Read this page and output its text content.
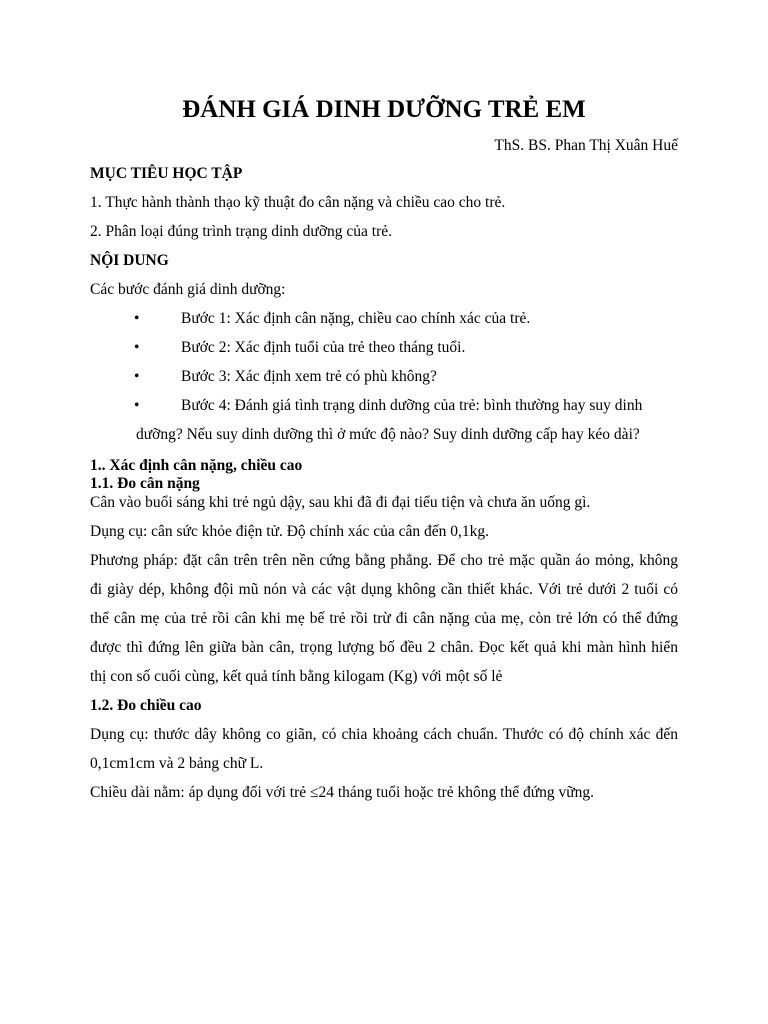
ĐÁNH GIÁ DINH DƯỠNG TRẺ EM
ThS. BS. Phan Thị Xuân Huế
MỤC TIÊU HỌC TẬP
1. Thực hành thành thạo kỹ thuật đo cân nặng và chiều cao cho trẻ.
2. Phân loại đúng trình trạng dinh dưỡng của trẻ.
NỘI DUNG
Các bước đánh giá dinh dưỡng:
•	Bước 1: Xác định cân nặng, chiều cao chính xác của trẻ.
•	Bước 2: Xác định tuổi của trẻ theo tháng tuổi.
•	Bước 3: Xác định xem trẻ có phù không?
•	Bước 4: Đánh giá tình trạng dinh dưỡng của trẻ: bình thường hay suy dinh
dưỡng? Nếu suy dinh dưỡng thì ở mức độ nào? Suy dinh dưỡng cấp hay kéo dài?
1.. Xác định cân nặng, chiều cao
1.1. Đo cân nặng
Cân vào buổi sáng khi trẻ ngủ dậy, sau khi đã đi đại tiểu tiện và chưa ăn uống gì.
Dụng cụ: cân sức khỏe điện tử. Độ chính xác của cân đến 0,1kg.
Phương pháp: đặt cân trên trên nền cứng bằng phẳng. Để cho trẻ mặc quần áo mỏng, không
đi giày dép, không đội mũ nón và các vật dụng không cần thiết khác. Với trẻ dưới 2 tuổi có
thể cân mẹ của trẻ rồi cân khi mẹ bế trẻ rồi trừ đi cân nặng của mẹ, còn trẻ lớn có thể đứng
được thì đứng lên giữa bàn cân, trọng lượng bố đều 2 chân. Đọc kết quả khi màn hình hiển
thị con số cuối cùng, kết quả tính bằng kilogam (Kg) với một số lẻ
1.2. Đo chiều cao
Dụng cụ: thước dây không co giãn, có chia khoảng cách chuẩn. Thước có độ chính xác đến
0,1cm1cm và 2 bảng chữ L.
Chiều dài nằm: áp dụng đối với trẻ ≤24 tháng tuổi hoặc trẻ không thể đứng vững.
